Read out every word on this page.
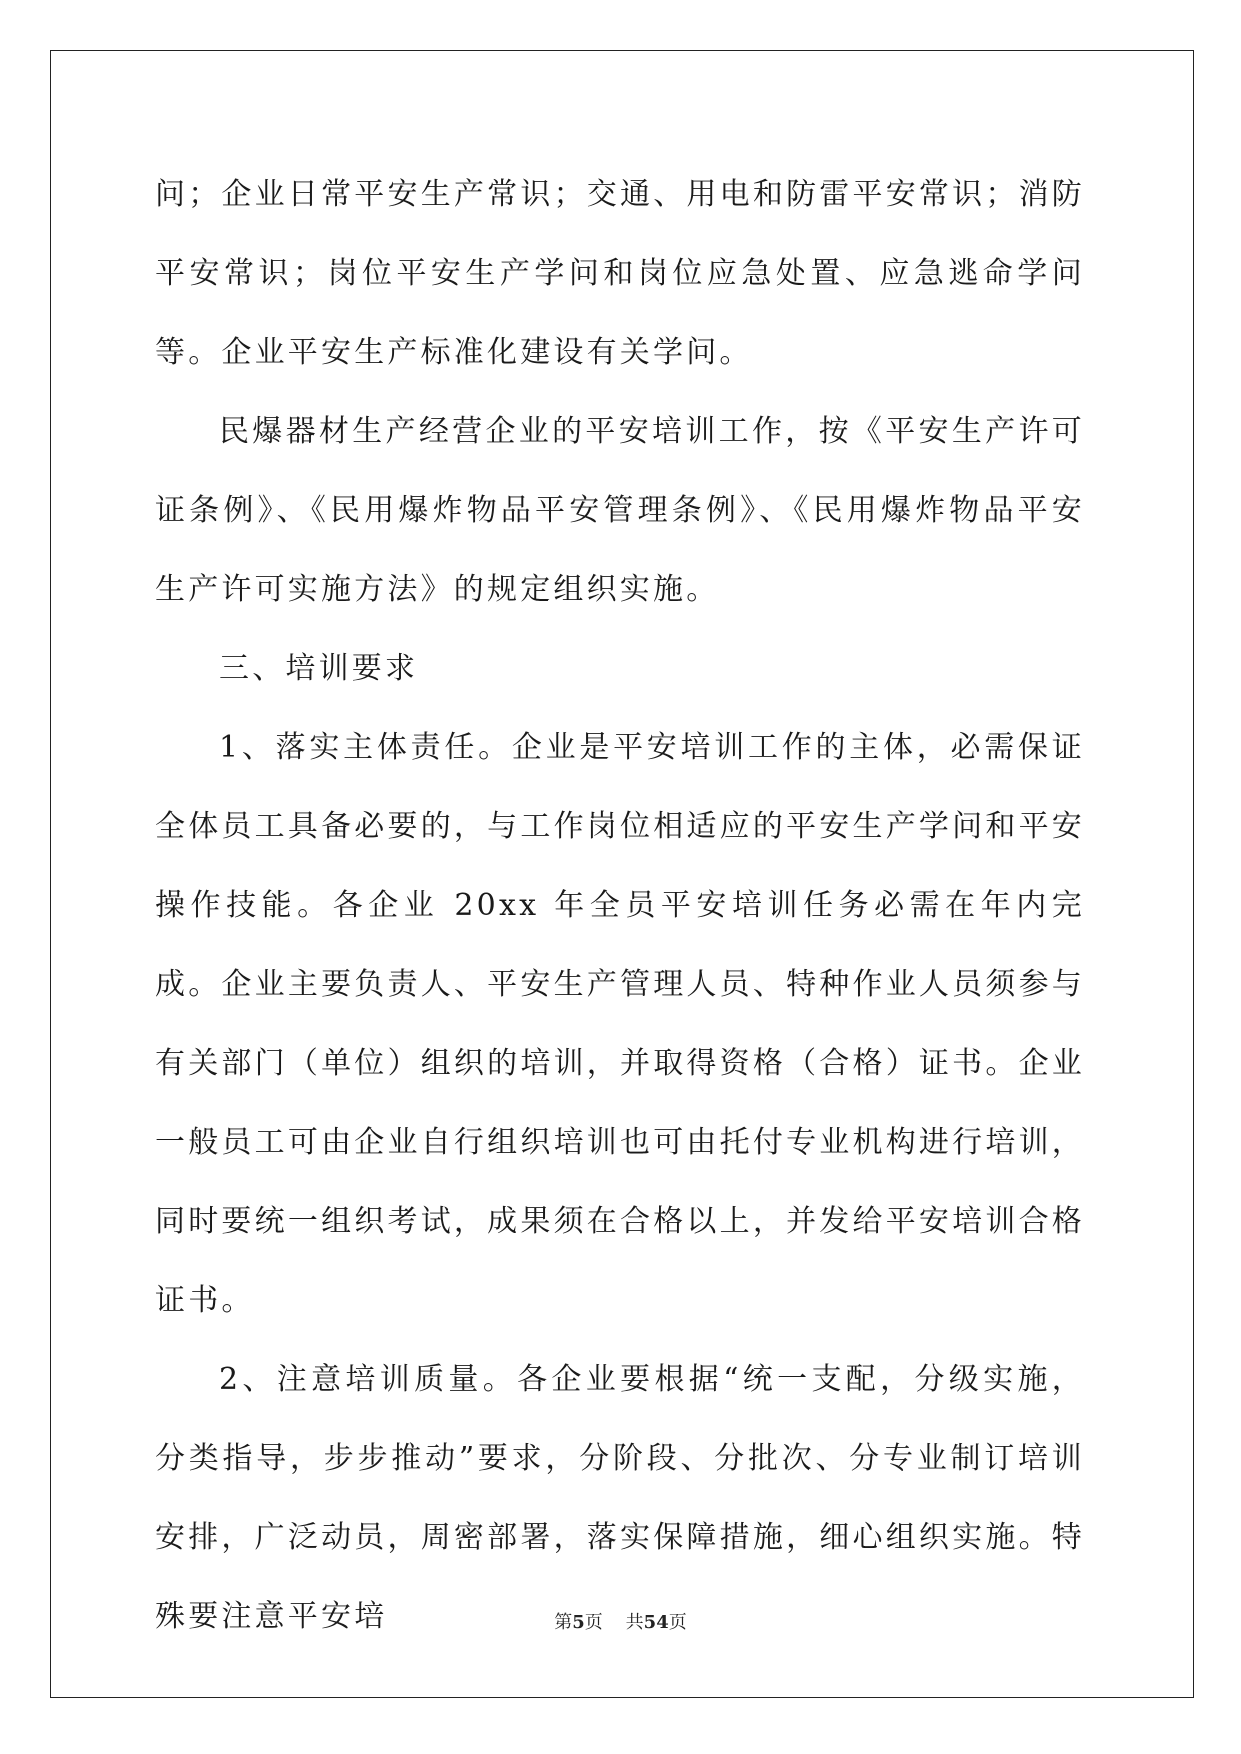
问；企业日常平安生产常识；交通、用电和防雷平安常识；消防平安常识；岗位平安生产学问和岗位应急处置、应急逃命学问等。企业平安生产标准化建设有关学问。

民爆器材生产经营企业的平安培训工作，按《平安生产许可证条例》、《民用爆炸物品平安管理条例》、《民用爆炸物品平安生产许可实施方法》的规定组织实施。

三、培训要求

1、落实主体责任。企业是平安培训工作的主体，必需保证全体员工具备必要的，与工作岗位相适应的平安生产学问和平安操作技能。各企业 20xx 年全员平安培训任务必需在年内完成。企业主要负责人、平安生产管理人员、特种作业人员须参与有关部门（单位）组织的培训，并取得资格（合格）证书。企业一般员工可由企业自行组织培训也可由托付专业机构进行培训，同时要统一组织考试，成果须在合格以上，并发给平安培训合格证书。

2、注意培训质量。各企业要根据“统一支配，分级实施，分类指导，步步推动”要求，分阶段、分批次、分专业制订培训安排，广泛动员，周密部署，落实保障措施，细心组织实施。特殊要注意平安培	第5页 共54页
